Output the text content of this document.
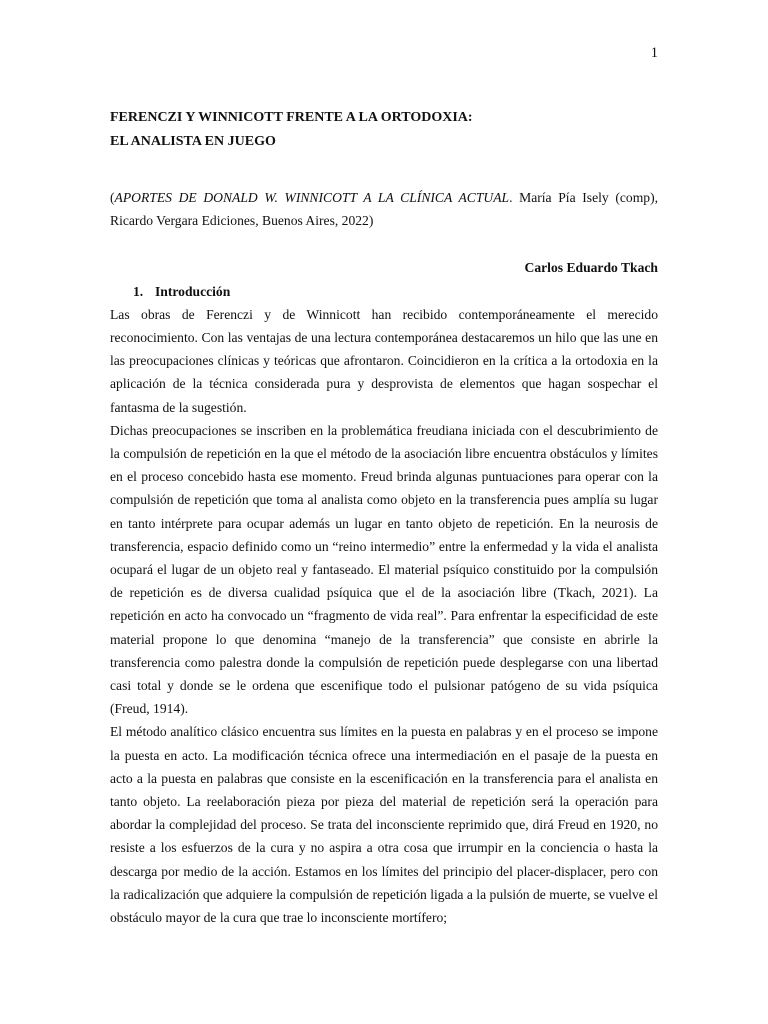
1
FERENCZI Y WINNICOTT FRENTE A LA ORTODOXIA:
EL ANALISTA EN JUEGO

(APORTES DE DONALD W. WINNICOTT A LA CLÍNICA ACTUAL. María Pía Isely (comp), Ricardo Vergara Ediciones, Buenos Aires, 2022)

Carlos Eduardo Tkach

1. Introducción

Las obras de Ferenczi y de Winnicott han recibido contemporáneamente el merecido reconocimiento. Con las ventajas de una lectura contemporánea destacaremos un hilo que las une en las preocupaciones clínicas y teóricas que afrontaron. Coincidieron en la crítica a la ortodoxia en la aplicación de la técnica considerada pura y desprovista de elementos que hagan sospechar el fantasma de la sugestión.

Dichas preocupaciones se inscriben en la problemática freudiana iniciada con el descubrimiento de la compulsión de repetición en la que el método de la asociación libre encuentra obstáculos y límites en el proceso concebido hasta ese momento. Freud brinda algunas puntuaciones para operar con la compulsión de repetición que toma al analista como objeto en la transferencia pues amplía su lugar en tanto intérprete para ocupar además un lugar en tanto objeto de repetición. En la neurosis de transferencia, espacio definido como un “reino intermedio” entre la enfermedad y la vida el analista ocupará el lugar de un objeto real y fantaseado. El material psíquico constituido por la compulsión de repetición es de diversa cualidad psíquica que el de la asociación libre (Tkach, 2021). La repetición en acto ha convocado un “fragmento de vida real”. Para enfrentar la especificidad de este material propone lo que denomina “manejo de la transferencia” que consiste en abrirle la transferencia como palestra donde la compulsión de repetición puede desplegarse con una libertad casi total y donde se le ordena que escenifique todo el pulsionar patógeno de su vida psíquica (Freud, 1914).

El método analítico clásico encuentra sus límites en la puesta en palabras y en el proceso se impone la puesta en acto. La modificación técnica ofrece una intermediación en el pasaje de la puesta en acto a la puesta en palabras que consiste en la escenificación en la transferencia para el analista en tanto objeto. La reelaboración pieza por pieza del material de repetición será la operación para abordar la complejidad del proceso. Se trata del inconsciente reprimido que, dirá Freud en 1920, no resiste a los esfuerzos de la cura y no aspira a otra cosa que irrumpir en la conciencia o hasta la descarga por medio de la acción. Estamos en los límites del principio del placer-displacer, pero con la radicalización que adquiere la compulsión de repetición ligada a la pulsión de muerte, se vuelve el obstáculo mayor de la cura que trae lo inconsciente mortífero;
